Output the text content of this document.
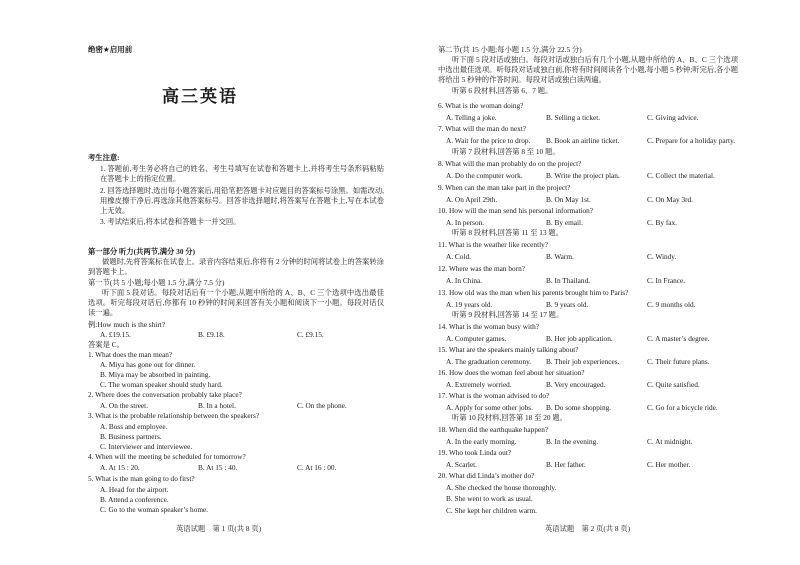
绝密★启用前
高三英语
考生注意:
1. 答题前,考生务必将自己的姓名、考生号填写在试卷和答题卡上,并将考生号条形码粘贴在答题卡上的指定位置。
2. 回答选择题时,选出每小题答案后,用铅笔把答题卡对应题目的答案标号涂黑。如需改动,用橡皮擦干净后,再选涂其他答案标号。回答非选择题时,将答案写在答题卡上,写在本试卷上无效。
3. 考试结束后,将本试卷和答题卡一并交回。
第一部分 听力(共两节,满分 30 分)
做题时,先将答案标在试卷上。录音内容结束后,你将有 2 分钟的时间将试卷上的答案转涂到答题卡上。
第一节(共 5 小题;每小题 1.5 分,满分 7.5 分)
听下面 5 段对话。每段对话后有一个小题,从题中所给的 A、B、C 三个选项中选出最佳选项。听完每段对话后,你都有 10 秒钟的时间来回答有关小题和阅读下一小题。每段对话仅读一遍。
例:How much is the shirt?
A. £19.15.	B. £9.18.	C. £9.15.
答案是 C。
1. What does the man mean?
A. Miya has gone out for dinner.
B. Miya may be absorbed in painting.
C. The woman speaker should study hard.
2. Where does the conversation probably take place?
A. On the street.	B. In a hotel.	C. On the phone.
3. What is the probable relationship between the speakers?
A. Boss and employee.
B. Business partners.
C. Interviewer and interviewee.
4. When will the meeting be scheduled for tomorrow?
A. At 15 : 20.	B. At 15 : 40.	C. At 16 : 00.
5. What is the man going to do first?
A. Head for the airport.
B. Attend a conference.
C. Go to the woman speaker’s home.
英语试题　第 1 页(共 8 页)
第二节(共 15 小题;每小题 1.5 分,满分 22.5 分)
听下面 5 段对话或独白。每段对话或独白后有几个小题,从题中所给的 A、B、C 三个选项中选出最佳选项。听每段对话或独白前,你将有时间阅读各个小题,每小题 5 秒钟;听完后,各小题将给出 5 秒钟的作答时间。每段对话或独白读两遍。
听第 6 段材料,回答第 6、7 题。
6. What is the woman doing?
A. Telling a joke.	B. Selling a ticket.	C. Giving advice.
7. What will the man do next?
A. Wait for the price to drop. B. Book an airline ticket.	C. Prepare for a holiday party.
听第 7 段材料,回答第 8 至 10 题。
8. What will the man probably do on the project?
A. Do the computer work.	B. Write the project plan.	C. Collect the material.
9. When can the man take part in the project?
A. On April 29th.	B. On May 1st.	C. On May 3rd.
10. How will the man send his personal information?
A. In person.	B. By email.	C. By fax.
听第 8 段材料,回答第 11 至 13 题。
11. What is the weather like recently?
A. Cold.	B. Warm.	C. Windy.
12. Where was the man born?
A. In China.	B. In Thailand.	C. In France.
13. How old was the man when his parents brought him to Paris?
A. 19 years old.	B. 9 years old.	C. 9 months old.
听第 9 段材料,回答第 14 至 17 题。
14. What is the woman busy with?
A. Computer games.	B. Her job application.	C. A master’s degree.
15. What are the speakers mainly talking about?
A. The graduation ceremony. B. Their job experiences.	C. Their future plans.
16. How does the woman feel about her situation?
A. Extremely worried.	B. Very encouraged.	C. Quite satisfied.
17. What is the woman advised to do?
A. Apply for some other jobs. B. Do some shopping.	C. Go for a bicycle ride.
听第 10 段材料,回答第 18 至 20 题。
18. When did the earthquake happen?
A. In the early morning.	B. In the evening.	C. At midnight.
19. Who took Linda out?
A. Scarlet.	B. Her father.	C. Her mother.
20. What did Linda’s mother do?
A. She checked the house thoroughly.
B. She went to work as usual.
C. She kept her children warm.
英语试题　第 2 页(共 8 页)
